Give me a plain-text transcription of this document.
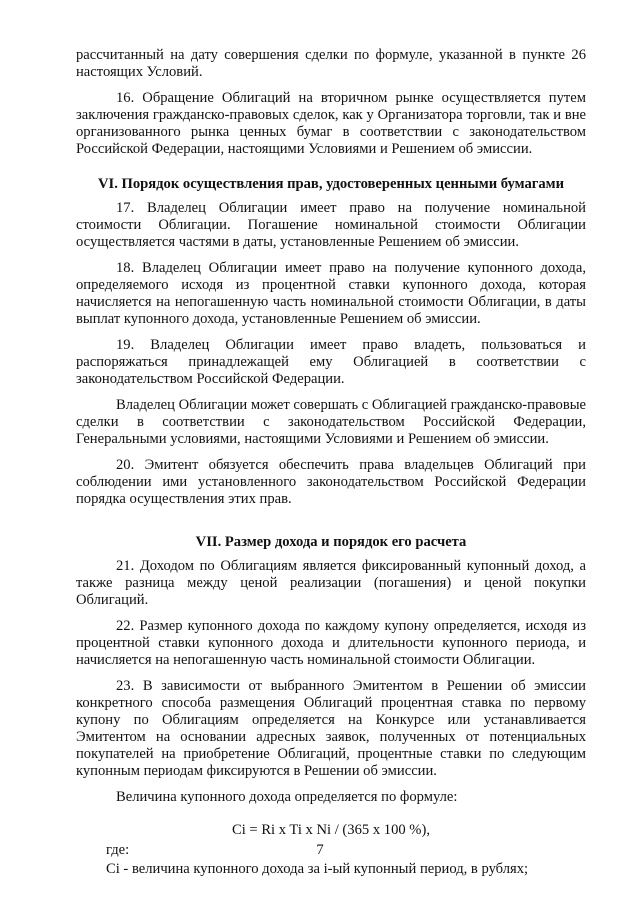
рассчитанный на дату совершения сделки по формуле, указанной в пункте 26 настоящих Условий.

16. Обращение Облигаций на вторичном рынке осуществляется путем заключения гражданско-правовых сделок, как у Организатора торговли, так и вне организованного рынка ценных бумаг в соответствии с законодательством Российской Федерации, настоящими Условиями и Решением об эмиссии.

VI. Порядок осуществления прав, удостоверенных ценными бумагами

17. Владелец Облигации имеет право на получение номинальной стоимости Облигации. Погашение номинальной стоимости Облигации осуществляется частями в даты, установленные Решением об эмиссии.

18. Владелец Облигации имеет право на получение купонного дохода, определяемого исходя из процентной ставки купонного дохода, которая начисляется на непогашенную часть номинальной стоимости Облигации, в даты выплат купонного дохода, установленные Решением об эмиссии.

19. Владелец Облигации имеет право владеть, пользоваться и распоряжаться принадлежащей ему Облигацией в соответствии с законодательством Российской Федерации.

Владелец Облигации может совершать с Облигацией гражданско-правовые сделки в соответствии с законодательством Российской Федерации, Генеральными условиями, настоящими Условиями и Решением об эмиссии.

20. Эмитент обязуется обеспечить права владельцев Облигаций при соблюдении ими установленного законодательством Российской Федерации порядка осуществления этих прав.

VII. Размер дохода и порядок его расчета

21. Доходом по Облигациям является фиксированный купонный доход, а также разница между ценой реализации (погашения) и ценой покупки Облигаций.

22. Размер купонного дохода по каждому купону определяется, исходя из процентной ставки купонного дохода и длительности купонного периода, и начисляется на непогашенную часть номинальной стоимости Облигации.

23. В зависимости от выбранного Эмитентом в Решении об эмиссии конкретного способа размещения Облигаций процентная ставка по первому купону по Облигациям определяется на Конкурсе или устанавливается Эмитентом на основании адресных заявок, полученных от потенциальных покупателей на приобретение Облигаций, процентные ставки по следующим купонным периодам фиксируются в Решении об эмиссии.

Величина купонного дохода определяется по формуле:

Ci = Ri x Ti x Ni / (365 x 100 %),

где:

Ci - величина купонного дохода за i-ый купонный период, в рублях;

7
